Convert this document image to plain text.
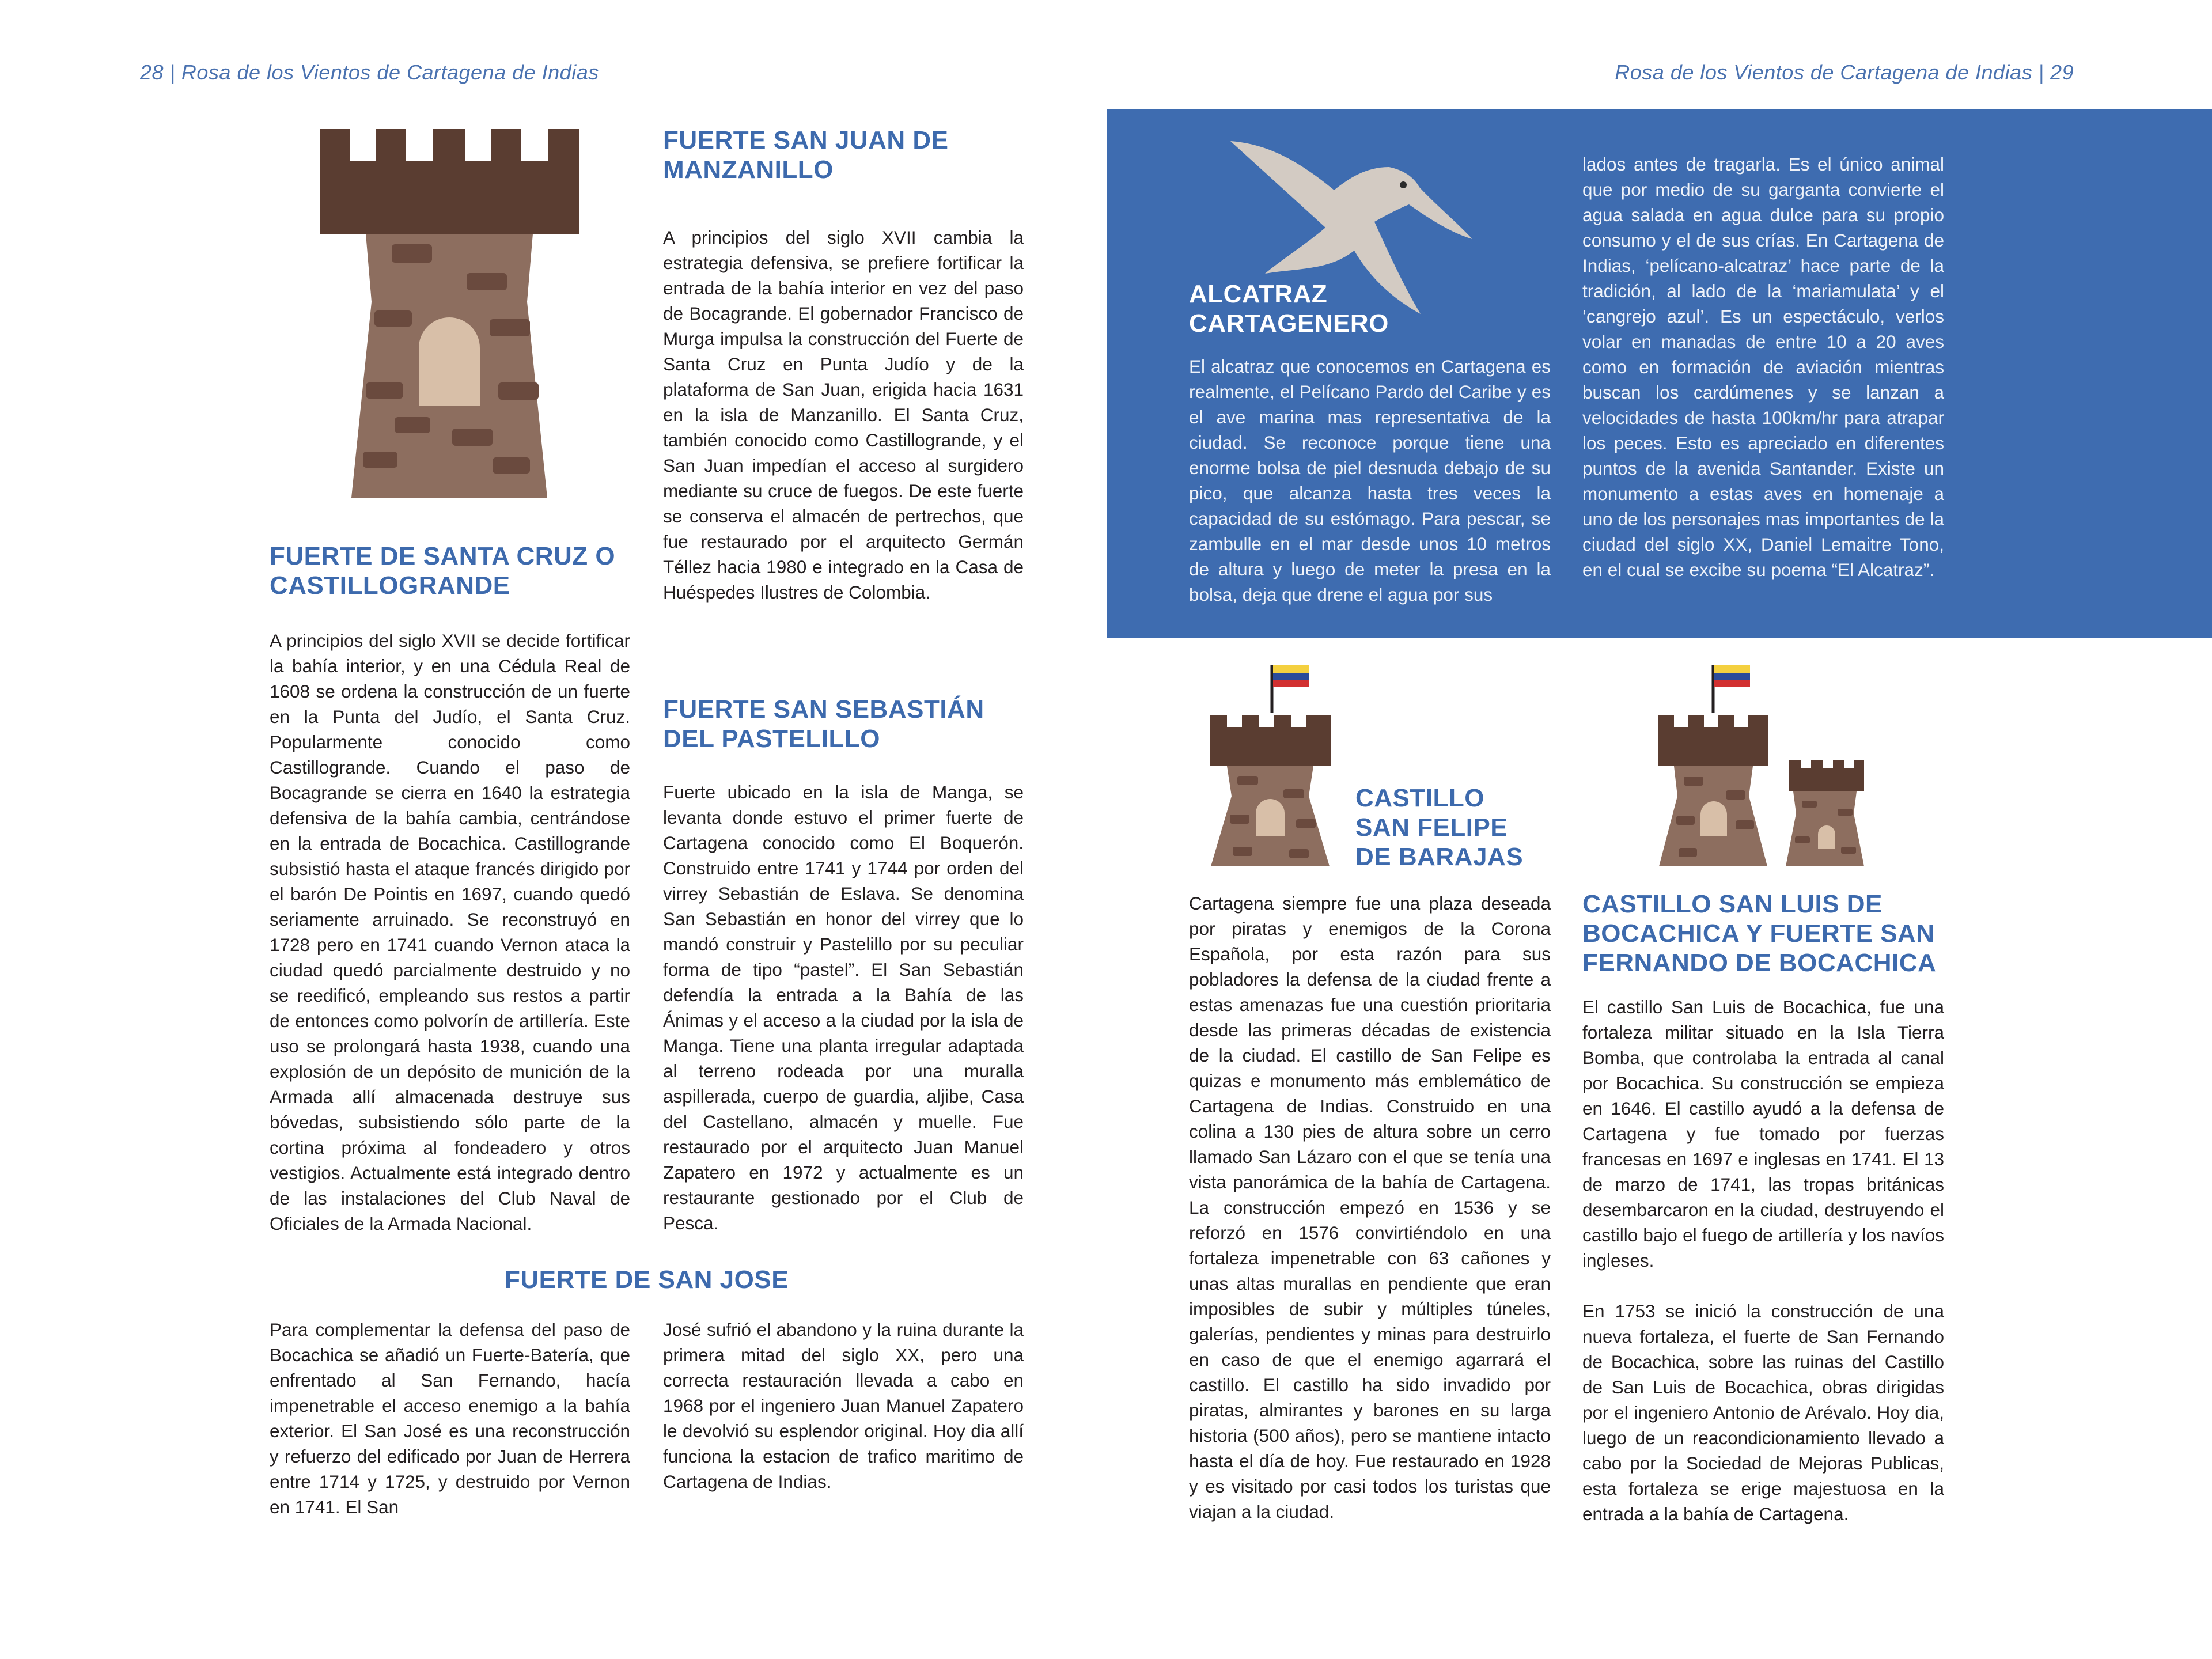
28 | Rosa de los Vientos de Cartagena de Indias
FUERTE SAN JUAN DE MANZANILLO

A principios del siglo XVII cambia la estrategia defensiva, se prefiere fortificar la entrada de la bahía interior en vez del paso de Bocagrande. El gobernador Francisco de Murga impulsa la construcción del Fuerte de Santa Cruz en Punta Judío y de la plataforma de San Juan, erigida hacia 1631 en la isla de Manzanillo. El Santa Cruz, también conocido como Castillogrande, y el San Juan impedían el acceso al surgidero mediante su cruce de fuegos. De este fuerte se conserva el almacén de pertrechos, que fue restaurado por el arquitecto Germán Téllez hacia 1980 e integrado en la Casa de Huéspedes Ilustres de Colombia.

FUERTE DE SANTA CRUZ O CASTILLOGRANDE

A principios del siglo XVII se decide fortificar la bahía interior, y en una Cédula Real de 1608 se ordena la construcción de un fuerte en la Punta del Judío, el Santa Cruz. Popularmente conocido como Castillogrande. Cuando el paso de Bocagrande se cierra en 1640 la estrategia defensiva de la bahía cambia, centrándose en la entrada de Bocachica. Castillogrande subsistió hasta el ataque francés dirigido por el barón De Pointis en 1697, cuando quedó seriamente arruinado. Se reconstruyó en 1728 pero en 1741 cuando Vernon ataca la ciudad quedó parcialmente destruido y no se reedificó, empleando sus restos a partir de entonces como polvorín de artillería. Este uso se prolongará hasta 1938, cuando una explosión de un depósito de munición de la Armada allí almacenada destruye sus bóvedas, subsistiendo sólo parte de la cortina próxima al fondeadero y otros vestigios. Actualmente está integrado dentro de las instalaciones del Club Naval de Oficiales de la Armada Nacional.

FUERTE SAN SEBASTIÁN DEL PASTELILLO

Fuerte ubicado en la isla de Manga, se levanta donde estuvo el primer fuerte de Cartagena conocido como El Boquerón. Construido entre 1741 y 1744 por orden del virrey Sebastián de Eslava. Se denomina San Sebastián en honor del virrey que lo mandó construir y Pastelillo por su peculiar forma de tipo “pastel”. El San Sebastián defendía la entrada a la Bahía de las Ánimas y el acceso a la ciudad por la isla de Manga. Tiene una planta irregular adaptada al terreno rodeada por una muralla aspillerada, cuerpo de guardia, aljibe, Casa del Castellano, almacén y muelle. Fue restaurado por el arquitecto Juan Manuel Zapatero en 1972 y actualmente es un restaurante gestionado por el Club de Pesca.

FUERTE DE SAN JOSE

Para complementar la defensa del paso de Bocachica se añadió un Fuerte-Batería, que enfrentado al San Fernando, hacía impenetrable el acceso enemigo a la bahía exterior. El San José es una reconstrucción y refuerzo del edificado por Juan de Herrera entre 1714 y 1725, y destruido por Vernon en 1741. El San

José sufrió el abandono y la ruina durante la primera mitad del siglo XX, pero una correcta restauración llevada a cabo en 1968 por el ingeniero Juan Manuel Zapatero le devolvió su esplendor original. Hoy dia allí funciona la estacion de trafico maritimo de Cartagena de Indias.

Rosa de los Vientos de Cartagena de Indias | 29
ALCATRAZ CARTAGENERO

El alcatraz que conocemos en Cartagena es realmente, el Pelícano Pardo del Caribe y es el ave marina mas representativa de la ciudad. Se reconoce porque tiene una enorme bolsa de piel desnuda debajo de su pico, que alcanza hasta tres veces la capacidad de su estómago. Para pescar, se zambulle en el mar desde unos 10 metros de altura y luego de meter la presa en la bolsa, deja que drene el agua por sus

lados antes de tragarla. Es el único animal que por medio de su garganta convierte el agua salada en agua dulce para su propio consumo y el de sus crías. En Cartagena de Indias, ‘pelícano-alcatraz’ hace parte de la tradición, al lado de la ‘mariamulata’ y el ‘cangrejo azul’. Es un espectáculo, verlos volar en manadas de entre 10 a 20 aves como en formación de aviación mientras buscan los cardúmenes y se lanzan a velocidades de hasta 100km/hr para atrapar los peces. Esto es apreciado en diferentes puntos de la avenida Santander. Existe un monumento a estas aves en homenaje a uno de los personajes mas importantes de la ciudad del siglo XX, Daniel Lemaitre Tono, en el cual se excibe su poema “El Alcatraz”.

CASTILLO
SAN FELIPE
DE BARAJAS

Cartagena siempre fue una plaza deseada por piratas y enemigos de la Corona Española, por esta razón para sus pobladores la defensa de la ciudad frente a estas amenazas fue una cuestión prioritaria desde las primeras décadas de existencia de la ciudad. El castillo de San Felipe es quizas e monumento más emblemático de Cartagena de Indias. Construido en una colina a 130 pies de altura sobre un cerro llamado San Lázaro con el que se tenía una vista panorámica de la bahía de Cartagena. La construcción empezó en 1536 y se reforzó en 1576 convirtiéndolo en una fortaleza impenetrable con 63 cañones y unas altas murallas en pendiente que eran imposibles de subir y múltiples túneles, galerías, pendientes y minas para destruirlo en caso de que el enemigo agarrará el castillo. El castillo ha sido invadido por piratas, almirantes y barones en su larga historia (500 años), pero se mantiene intacto hasta el día de hoy. Fue restaurado en 1928 y es visitado por casi todos los turistas que viajan a la ciudad.

CASTILLO SAN LUIS DE BOCACHICA Y FUERTE SAN FERNANDO DE BOCACHICA

El castillo San Luis de Bocachica, fue una fortaleza militar situado en la Isla Tierra Bomba, que controlaba la entrada al canal por Bocachica. Su construcción se empieza en 1646. El castillo ayudó a la defensa de Cartagena y fue tomado por fuerzas francesas en 1697 e inglesas en 1741. El 13 de marzo de 1741, las tropas británicas desembarcaron en la ciudad, destruyendo el castillo bajo el fuego de artillería y los navíos ingleses.

En 1753 se inició la construcción de una nueva fortaleza, el fuerte de San Fernando de Bocachica, sobre las ruinas del Castillo de San Luis de Bocachica, obras dirigidas por el ingeniero Antonio de Arévalo. Hoy dia, luego de un reacondicionamiento llevado a cabo por la Sociedad de Mejoras Publicas, esta fortaleza se erige majestuosa en la entrada a la bahía de Cartagena.
